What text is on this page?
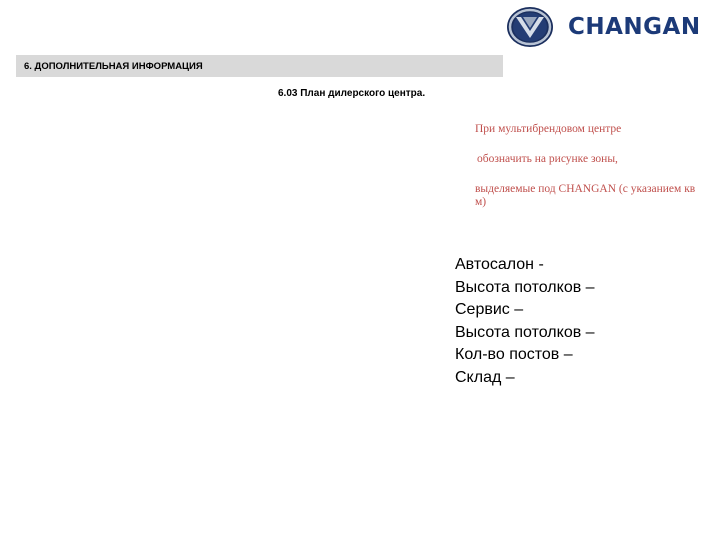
CHANGAN
6. ДОПОЛНИТЕЛЬНАЯ ИНФОРМАЦИЯ
6.03 План дилерского центра.

При мультибрендовом центре

обозначить на рисунке зоны,

выделяемые под CHANGAN (с указанием кв м)

Автосалон -
Высота потолков –
Сервис –
Высота потолков –
Кол-во постов –
Склад –
